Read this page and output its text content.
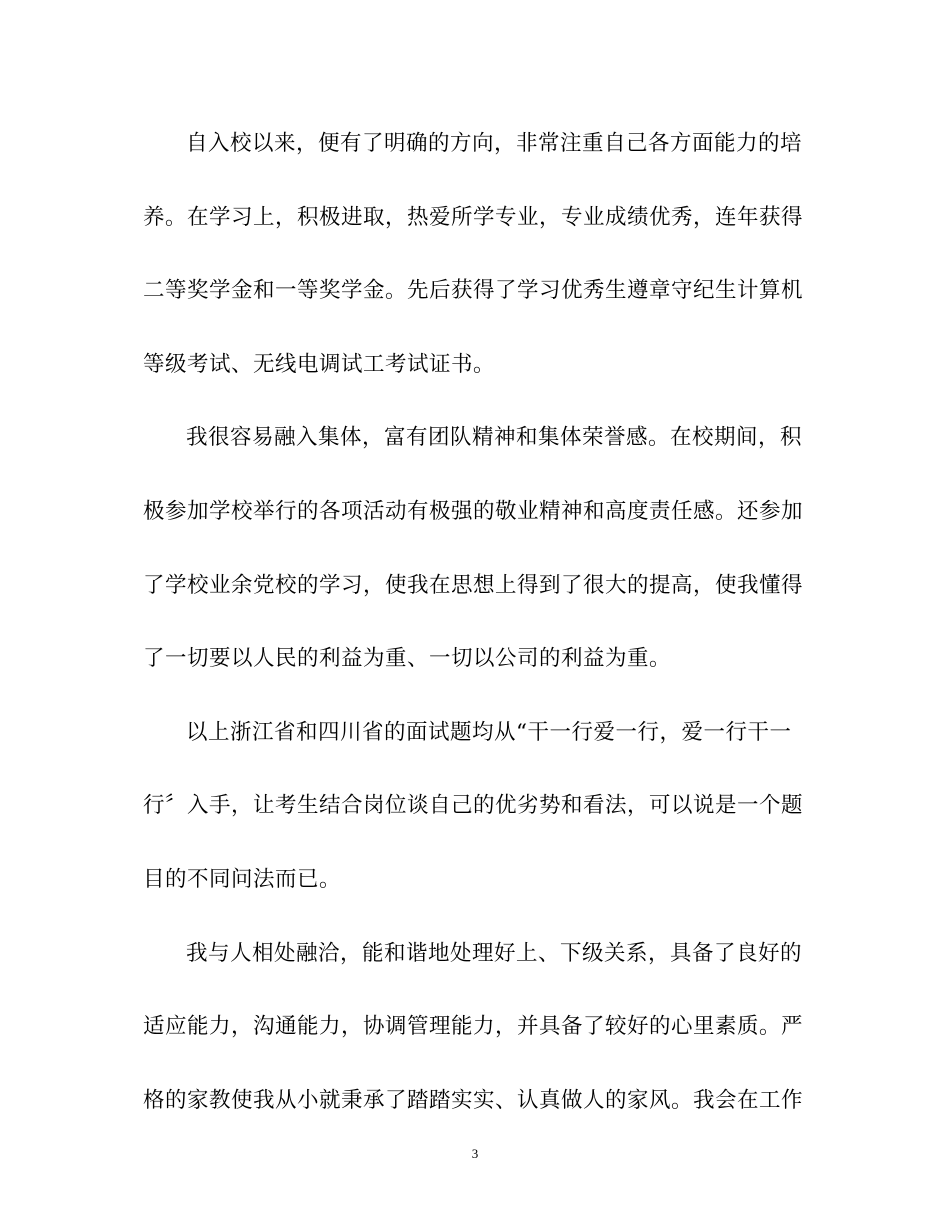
自入校以来，便有了明确的方向，非常注重自己各方面能力的培
养。在学习上，积极进取，热爱所学专业，专业成绩优秀，连年获得
二等奖学金和一等奖学金。先后获得了学习优秀生遵章守纪生计算机
等级考试、无线电调试工考试证书。
我很容易融入集体，富有团队精神和集体荣誉感。在校期间，积
极参加学校举行的各项活动有极强的敬业精神和高度责任感。还参加
了学校业余党校的学习，使我在思想上得到了很大的提高，使我懂得
了一切要以人民的利益为重、一切以公司的利益为重。
以上浙江省和四川省的面试题均从“干一行爱一行，爱一行干一
行〞入手，让考生结合岗位谈自己的优劣势和看法，可以说是一个题
目的不同问法而已。
我与人相处融洽，能和谐地处理好上、下级关系，具备了良好的
适应能力，沟通能力，协调管理能力，并具备了较好的心里素质。严
格的家教使我从小就秉承了踏踏实实、认真做人的家风。我会在工作
3
